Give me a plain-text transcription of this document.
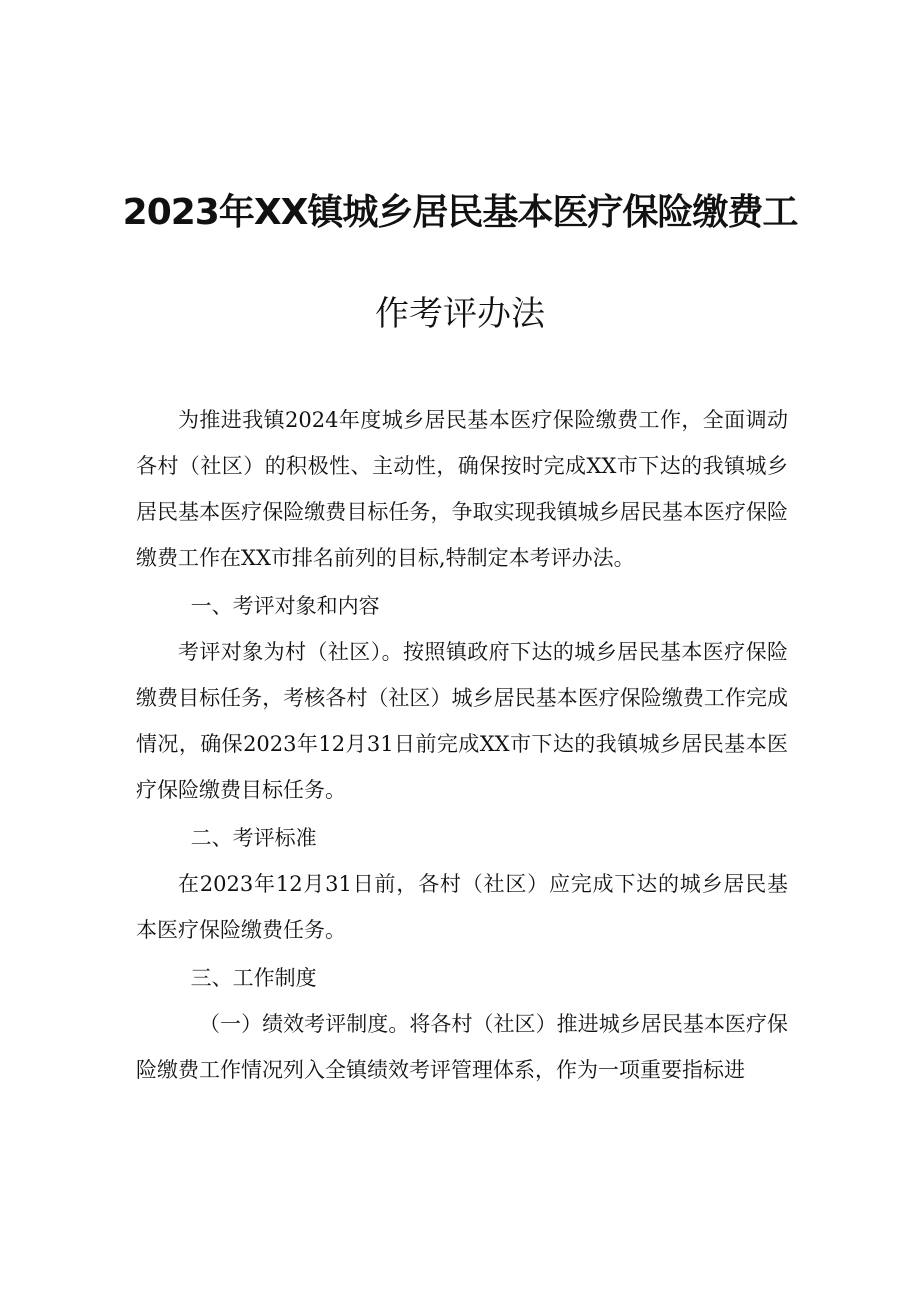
2023年XX镇城乡居民基本医疗保险缴费工
作考评办法

为推进我镇2024年度城乡居民基本医疗保险缴费工作，全面调动各村（社区）的积极性、主动性，确保按时完成XX市下达的我镇城乡居民基本医疗保险缴费目标任务，争取实现我镇城乡居民基本医疗保险缴费工作在XX市排名前列的目标,特制定本考评办法。

一、考评对象和内容

考评对象为村（社区）。按照镇政府下达的城乡居民基本医疗保险缴费目标任务，考核各村（社区）城乡居民基本医疗保险缴费工作完成情况，确保2023年12月31日前完成XX市下达的我镇城乡居民基本医疗保险缴费目标任务。

二、考评标准

在2023年12月31日前，各村（社区）应完成下达的城乡居民基本医疗保险缴费任务。

三、工作制度

（一）绩效考评制度。将各村（社区）推进城乡居民基本医疗保险缴费工作情况列入全镇绩效考评管理体系，作为一项重要指标进
